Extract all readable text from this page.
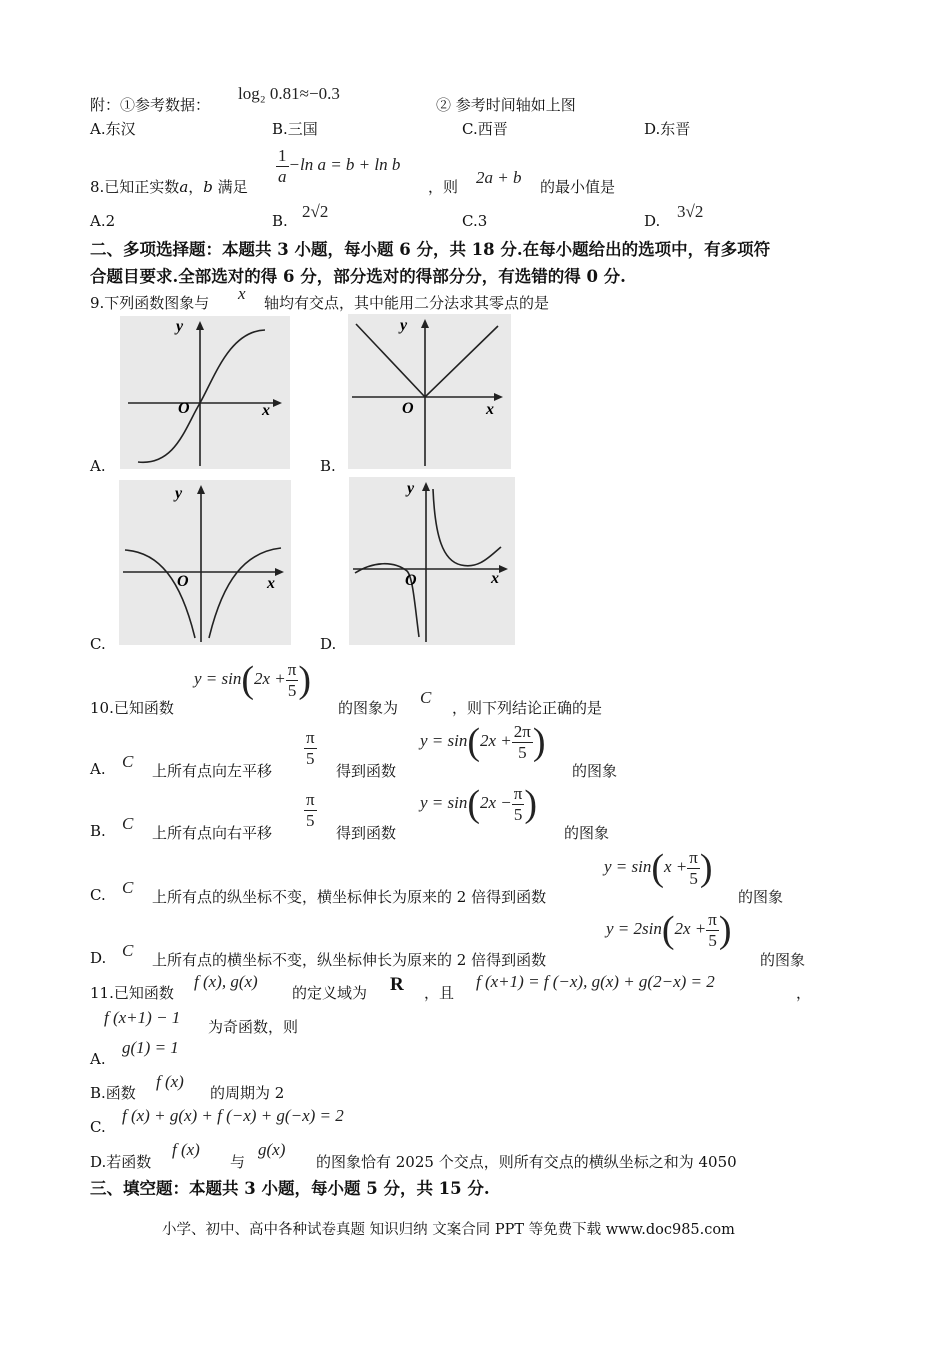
附：①参考数据：
log₂ 0.81≈−0.3
② 参考时间轴如上图
A.东汉	B.三国	C.西晋	D.东晋
8.已知正实数a，b 满足
$\frac{1}{a} -\ln$ a = b + ln b
，则 2a + b 的最小值是
A.2	B. 2√2	C.3	D. 3√2
二、多项选择题：本题共 3 小题，每小题 6 分，共 18 分.在每小题给出的选项中，有多项符
合题目要求.全部选对的得 6 分，部分选对的得部分分，有选错的得 0 分.
9.下列函数图象与 x 轴均有交点，其中能用二分法求其零点的是
y
x
O
A.
y
x
O
B.
y
x
O
C.
y
x
O
D.
10.已知函数
$y = \sin(2x + \frac{\pi}{5}$ )
的图象为
C
，则下列结论正确的是
A. C 上所有点向左平移
$\frac{\pi}{5}$
得到函数
$y = \sin(2x + \frac{2\pi}{5}$ )
的图象
B. C 上所有点向右平移
$\frac{\pi}{5}$
得到函数
$y = \sin(2x - \frac{\pi}{5}$ )
的图象
C. C 上所有点的纵坐标不变，横坐标伸长为原来的 2 倍得到函数
$y = \sin(x + \frac{\pi}{5}$ )
的图象
D. C 上所有点的横坐标不变，纵坐标伸长为原来的 2 倍得到函数
$y = 2\sin(2x + \frac{\pi}{5}$ )
的图象
11.已知函数
f (x), g(x)
的定义域为 R ，且
f (x+1) = f (−x), g(x) + g(2−x) = 2
，
f (x+1) − 1 为奇函数，则
A.
g(1) = 1
B.函数
f (x)
的周期为 2
C.
f (x) + g(x) + f (−x) + g(−x) = 2
D.若函数
f (x)
与
g(x)
的图象恰有 2025 个交点，则所有交点的横纵坐标之和为 4050
三、填空题：本题共 3 小题，每小题 5 分，共 15 分.
小学、初中、高中各种试卷真题 知识归纳 文案合同 PPT 等免费下载 www.doc985.com
